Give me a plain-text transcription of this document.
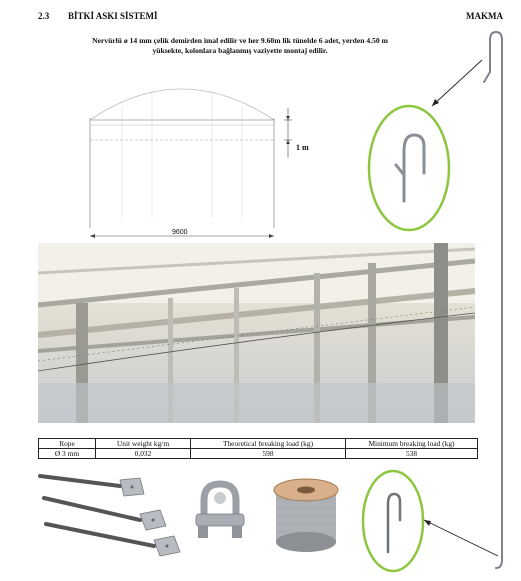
2.3 BİTKİ ASKI SİSTEMİ	MAKMA
Nervürlü ø 14 mm çelik demirden imal edilir ve her 9.60m lik tünelde 6 adet, yerden 4.50 m
yüksekte, kolonlara bağlanmış vaziyette montaj edilir.
1 m
9600
Rope	Unit weight kg/m	Theoretical breaking load (kg)	Minimum breaking load (kg)
Ø 3 mm	0,032	598	538
